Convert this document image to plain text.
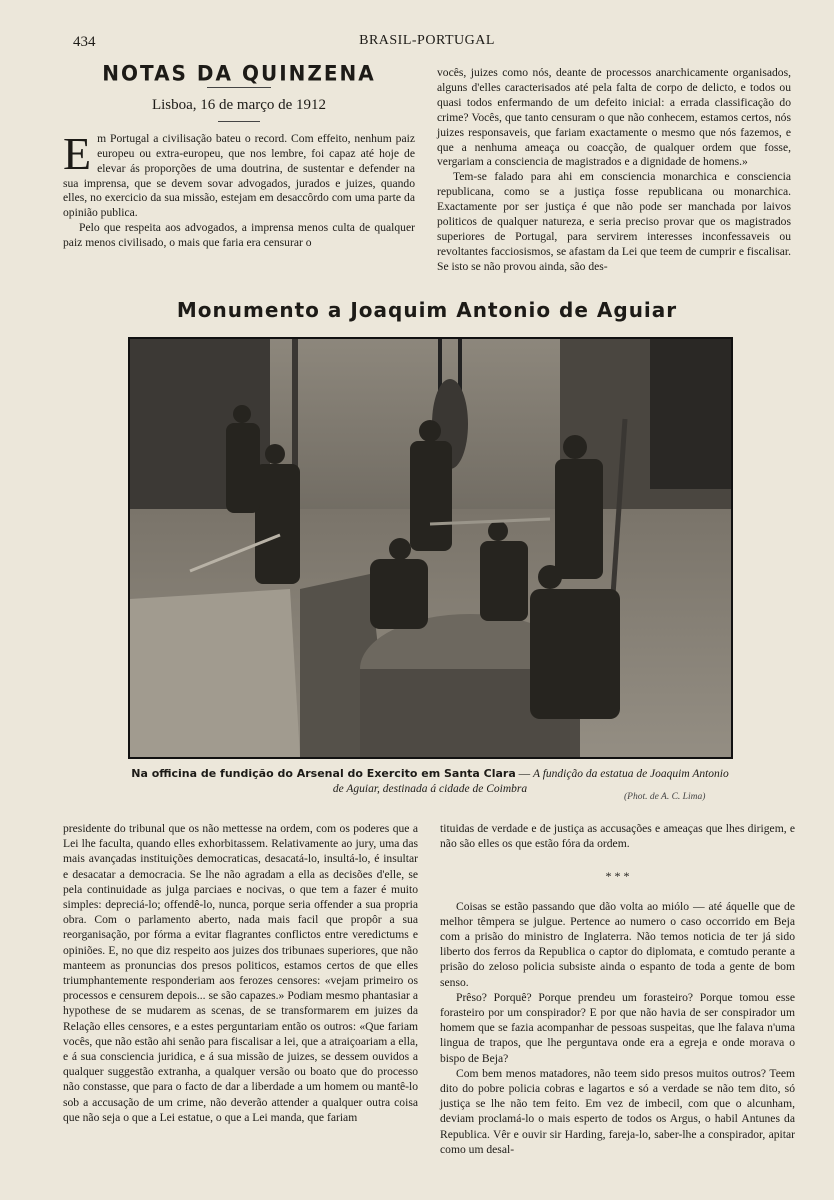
434	BRASIL-PORTUGAL
NOTAS DA QUINZENA
Lisboa, 16 de março de 1912

Em Portugal a civilisação bateu o record. Com effeito, nenhum paiz europeu ou extra-europeu, que nos lembre, foi capaz até hoje de elevar ás proporções de uma doutrina, de sustentar e defender na sua imprensa, que se devem sovar advogados, jurados e juizes, quando elles, no exercicio da sua missão, estejam em desaccôrdo com uma parte da opinião publica.

Pelo que respeita aos advogados, a imprensa menos culta de qualquer paiz menos civilisado, o mais que faria era censurar o

vocês, juizes como nós, deante de processos anarchicamente organisados, alguns d'elles caracterisados até pela falta de corpo de delicto, e todos ou quasi todos enfermando de um defeito inicial: a errada classificação do crime? Vocês, que tanto censuram o que não conhecem, estamos certos, nós juizes responsaveis, que fariam exactamente o mesmo que nós fazemos, e que a nenhuma ameaça ou coacção, de qualquer ordem que fosse, vergariam a consciencia de magistrados e a dignidade de homens.»

Tem-se falado para ahi em consciencia monarchica e consciencia republicana, como se a justiça fosse republicana ou monarchica. Exactamente por ser justiça é que não pode ser manchada por laivos politicos de qualquer natureza, e seria preciso provar que os magistrados superiores de Portugal, para servirem interesses inconfessaveis ou revoltantes facciosismos, se afastam da Lei que teem de cumprir e fiscalisar. Se isto se não provou ainda, são des-

Monumento a Joaquim Antonio de Aguiar
Na officina de fundição do Arsenal do Exercito em Santa Clara — A fundição da estatua de Joaquim Antonio de Aguiar, destinada á cidade de Coimbra
(Phot. de A. C. Lima)

presidente do tribunal que os não mettesse na ordem, com os poderes que a Lei lhe faculta, quando elles exhorbitassem. Relativamente ao jury, uma das mais avançadas instituições democraticas, desacatá-lo, insultá-lo, é insultar e desacatar a democracia. Se lhe não agradam a ella as decisões d'elle, se pela continuidade as julga parciaes e nocivas, o que tem a fazer é muito simples: depreciá-lo; offendê-lo, nunca, porque seria offender a sua propria obra. Com o parlamento aberto, nada mais facil que propôr a sua reorganisação, por fórma a evitar flagrantes conflictos entre veredictums e opiniões. E, no que diz respeito aos juizes dos tribunaes superiores, que não manteem as pronuncias dos presos politicos, estamos certos de que elles triumphantemente responderiam aos ferozes censores: «vejam primeiro os processos e censurem depois... se são capazes.» Podiam mesmo phantasiar a hypothese de se mudarem as scenas, de se transformarem em juizes da Relação elles censores, e a estes perguntariam então os outros: «Que fariam vocês, que não estão ahi senão para fiscalisar a lei, que a atraiçoariam a ella, e á sua consciencia juridica, e á sua missão de juizes, se dessem ouvidos a qualquer suggestão extranha, a qualquer versão ou boato que do processo não constasse, que para o facto de dar a liberdade a um homem ou mantê-lo sob a accusação de um crime, não deverão attender a qualquer outra coisa que não seja o que a Lei estatue, o que a Lei manda, que fariam

tituidas de verdade e de justiça as accusações e ameaças que lhes dirigem, e não são elles os que estão fóra da ordem.

* * *

Coisas se estão passando que dão volta ao miólo — até áquelle que de melhor têmpera se julgue. Pertence ao numero o caso occorrido em Beja com a prisão do ministro de Inglaterra. Não temos noticia de ter já sido liberto dos ferros da Republica o captor do diplomata, e comtudo perante a prisão do zeloso policia subsiste ainda o espanto de toda a gente de bom senso.

Prêso? Porquê? Porque prendeu um forasteiro? Porque tomou esse forasteiro por um conspirador? E por que não havia de ser conspirador um homem que se fazia acompanhar de pessoas suspeitas, que lhe falava n'uma lingua de trapos, que lhe perguntava onde era a egreja e onde morava o bispo de Beja?

Com bem menos matadores, não teem sido presos muitos outros? Teem dito do pobre policia cobras e lagartos e só a verdade se não tem dito, só justiça se lhe não tem feito. Em vez de imbecil, com que o alcunham, deviam proclamá-lo o mais esperto de todos os Argus, o habil Antunes da Republica. Vêr e ouvir sir Harding, fareja-lo, saber-lhe a conspirador, apitar como um desal-
